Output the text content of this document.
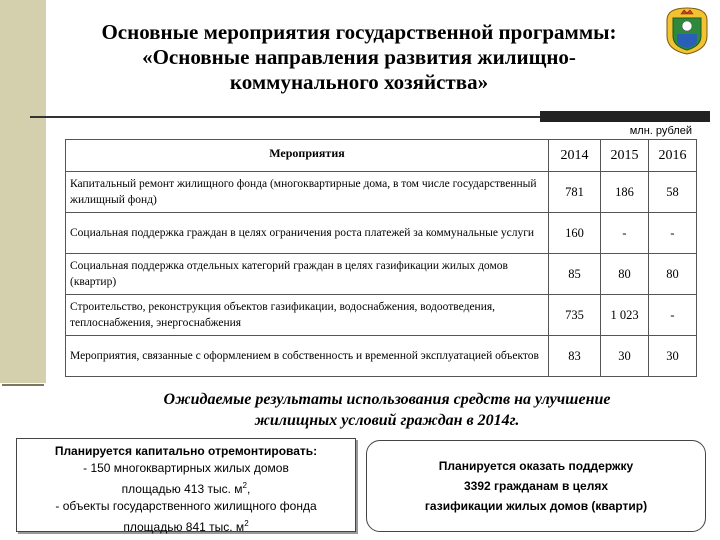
Основные мероприятия государственной программы:
«Основные направления развития жилищно-
коммунального хозяйства»
млн. рублей
Мероприятия	2014	2015	2016
Капитальный ремонт жилищного фонда (многоквартирные дома, в том числе государственный жилищный фонд)	781	186	58
Социальная поддержка граждан в целях ограничения роста платежей за коммунальные услуги	160	-	-
Социальная поддержка отдельных категорий граждан в целях газификации жилых домов (квартир)	85	80	80
Строительство, реконструкция объектов газификации, водоснабжения, водоотведения, теплоснабжения, энергоснабжения	735	1 023	-
Мероприятия, связанные с оформлением в собственность и временной эксплуатацией объектов	83	30	30
Ожидаемые результаты использования средств на улучшение
жилищных условий граждан в 2014г.
Планируется капитально отремонтировать:
- 150 многоквартирных жилых домов
площадью 413 тыс. $м^2$,
- объекты государственного жилищного фонда
площадью 841 тыс. $м^2$
Планируется оказать поддержку
3392 гражданам в целях
газификации жилых домов (квартир)
